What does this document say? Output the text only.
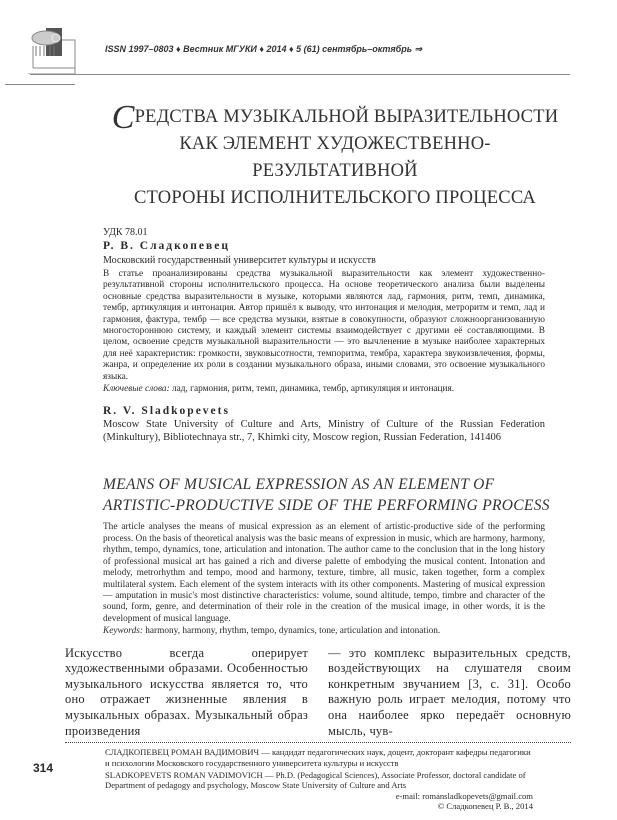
ISSN 1997–0803 ♦ Вестник МГУКИ ♦ 2014 ♦ 5 (61) сентябрь–октябрь ⇒
СРЕДСТВА МУЗЫКАЛЬНОЙ ВЫРАЗИТЕЛЬНОСТИ
КАК ЭЛЕМЕНТ ХУДОЖЕСТВЕННО-РЕЗУЛЬТАТИВНОЙ
СТОРОНЫ ИСПОЛНИТЕЛЬСКОГО ПРОЦЕССА
УДК 78.01
Р. В. Сладкопевец
Московский государственный университет культуры и искусств
В статье проанализированы средства музыкальной выразительности как элемент художественно-результативной стороны исполнительского процесса. На основе теоретического анализа были выделены основные средства выразительности в музыке, которыми являются лад, гармония, ритм, темп, динамика, тембр, артикуляция и интонация. Автор пришёл к выводу, что интонация и мелодия, метроритм и темп, лад и гармония, фактура, тембр — все средства музыки, взятые в совокупности, образуют сложноорганизованную многостороннюю систему, и каждый элемент системы взаимодействует с другими её составляющими. В целом, освоение средств музыкальной выразительности — это вычленение в музыке наиболее характерных для неё характеристик: громкости, звуковысотности, темпоритма, тембра, характера звукоизвлечения, формы, жанра, и определение их роли в создании музыкального образа, иными словами, это освоение музыкального языка.
Ключевые слова: лад, гармония, ритм, темп, динамика, тембр, артикуляция и интонация.
R. V. Sladkopevets
Moscow State University of Culture and Arts, Ministry of Culture of the Russian Federation (Minkultury), Bibliotechnaya str., 7, Khimki city, Moscow region, Russian Federation, 141406
MEANS OF MUSICAL EXPRESSION AS AN ELEMENT OF
ARTISTIC-PRODUCTIVE SIDE OF THE PERFORMING PROCESS
The article analyses the means of musical expression as an element of artistic-productive side of the performing process. On the basis of theoretical analysis was the basic means of expression in music, which are harmony, harmony, rhythm, tempo, dynamics, tone, articulation and intonation. The author came to the conclusion that in the long history of professional musical art has gained a rich and diverse palette of embodying the musical content. Intonation and melody, metrorhythm and tempo, mood and harmony, texture, timbre, all music, taken together, form a complex multilateral system. Each element of the system interacts with its other components. Mastering of musical expression — amputation in music's most distinctive characteristics: volume, sound altitude, tempo, timbre and character of the sound, form, genre, and determination of their role in the creation of the musical image, in other words, it is the development of musical language.
Keywords: harmony, harmony, rhythm, tempo, dynamics, tone, articulation and intonation.
Искусство всегда оперирует художественными образами. Особенностью музыкального искусства является то, что оно отражает жизненные явления в музыкальных образах. Музыкальный образ произведения
— это комплекс выразительных средств, воздействующих на слушателя своим конкретным звучанием [3, с. 31]. Особо важную роль играет мелодия, потому что она наиболее ярко передаёт основную мысль, чув-
314

СЛАДКОПЕВЕЦ РОМАН ВАДИМОВИЧ — кандидат педагогических наук, доцент, докторант кафедры педагогики и психологии Московского государственного университета культуры и искусств

SLADKOPEVETS ROMAN VADIMOVICH — Ph.D. (Pedagogical Sciences), Associate Professor, doctoral candidate of Department of pedagogy and psychology, Moscow State University of Culture and Arts

e-mail: romansladkopevets@gmail.com
© Сладкопевец Р. В., 2014
